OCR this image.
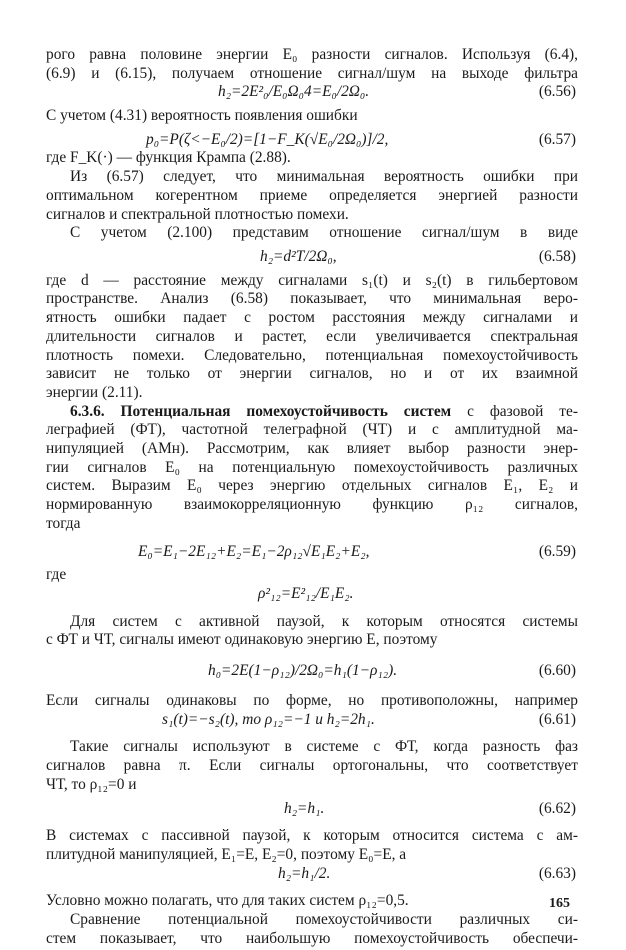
рого равна половине энергии E₀ разности сигналов. Используя (6.4),

(6.9) и (6.15), получаем отношение сигнал/шум на выходе фильтра

h₂=2E²₀/E₀Ω₀4=E₀/2Ω₀.	(6.56)

С учетом (4.31) вероятность появления ошибки

p₀=P(ζ<−E₀/2)=[1−F_K(√E₀/2Ω₀)]/2,	(6.57)

где F_K(·) — функция Крампа (2.88).

Из (6.57) следует, что минимальная вероятность ошибки при

оптимальном когерентном приеме определяется энергией разности

сигналов и спектральной плотностью помехи.

С учетом (2.100) представим отношение сигнал/шум в виде

h₂=d²T/2Ω₀,	(6.58)

где d — расстояние между сигналами s₁(t) и s₂(t) в гильбертовом

пространстве. Анализ (6.58) показывает, что минимальная веро-

ятность ошибки падает с ростом расстояния между сигналами и

длительности сигналов и растет, если увеличивается спектральная

плотность помехи. Следовательно, потенциальная помехоустойчивость

зависит не только от энергии сигналов, но и от их взаимной

энергии (2.11).

6.3.6. Потенциальная помехоустойчивость систем с фазовой те-

леграфией (ФТ), частотной телеграфной (ЧТ) и с амплитудной ма-

нипуляцией (АМн). Рассмотрим, как влияет выбор разности энер-

гии сигналов E₀ на потенциальную помехоустойчивость различных

систем. Выразим E₀ через энергию отдельных сигналов E₁, E₂ и

нормированную взаимокорреляционную функцию ρ₁₂ сигналов,

тогда

E₀=E₁−2E₁₂+E₂=E₁−2ρ₁₂√E₁E₂+E₂,	(6.59)

где

ρ²₁₂=E²₁₂/E₁E₂.

Для систем с активной паузой, к которым относятся системы

с ФТ и ЧТ, сигналы имеют одинаковую энергию E, поэтому

h₀=2E(1−ρ₁₂)/2Ω₀=h₁(1−ρ₁₂).	(6.60)

Если сигналы одинаковы по форме, но противоположны, например

s₁(t)=−s₂(t), то ρ₁₂=−1 и h₂=2h₁.	(6.61)

Такие сигналы используют в системе с ФТ, когда разность фаз

сигналов равна π. Если сигналы ортогональны, что соответствует

ЧТ, то ρ₁₂=0 и

h₂=h₁.	(6.62)

В системах с пассивной паузой, к которым относится система с ам-

плитудной манипуляцией, E₁=E, E₂=0, поэтому E₀=E, а

h₂=h₁/2.	(6.63)

Условно можно полагать, что для таких систем ρ₁₂=0,5.

Сравнение потенциальной помехоустойчивости различных си-

стем показывает, что наибольшую помехоустойчивость обеспечи-

165
